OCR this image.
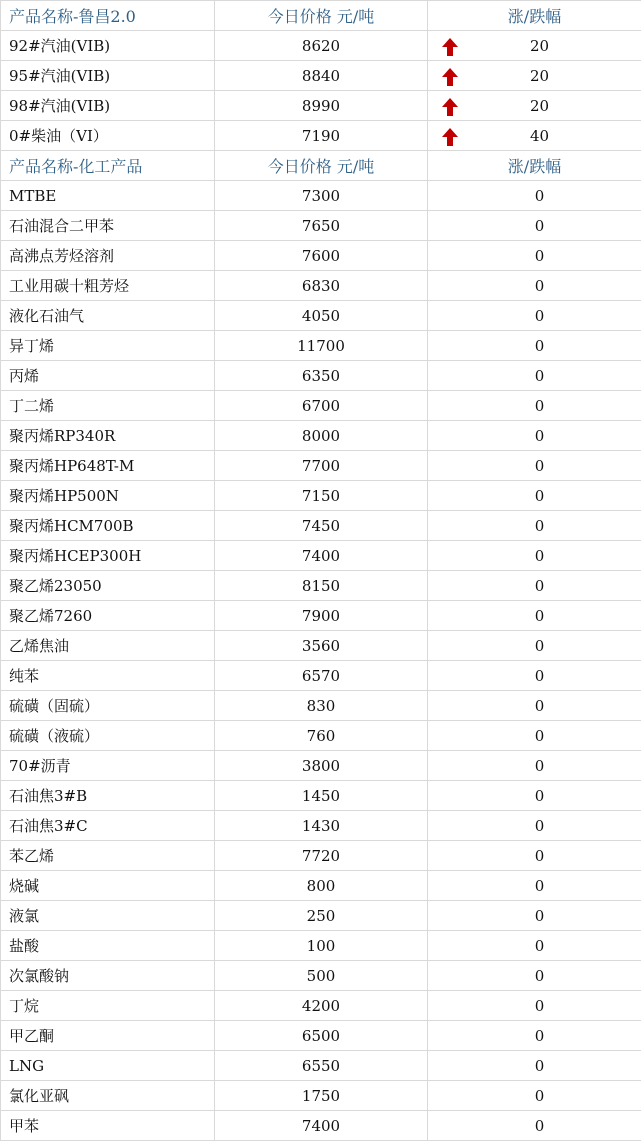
产品名称-鲁昌2.0	今日价格 元/吨	涨/跌幅
92#汽油(VIB)	8620	20
95#汽油(VIB)	8840	20
98#汽油(VIB)	8990	20
0#柴油（VI）	7190	40
产品名称-化工产品	今日价格 元/吨	涨/跌幅
MTBE	7300	0
石油混合二甲苯	7650	0
高沸点芳烃溶剂	7600	0
工业用碳十粗芳烃	6830	0
液化石油气	4050	0
异丁烯	11700	0
丙烯	6350	0
丁二烯	6700	0
聚丙烯RP340R	8000	0
聚丙烯HP648T-M	7700	0
聚丙烯HP500N	7150	0
聚丙烯HCM700B	7450	0
聚丙烯HCEP300H	7400	0
聚乙烯23050	8150	0
聚乙烯7260	7900	0
乙烯焦油	3560	0
纯苯	6570	0
硫磺（固硫）	830	0
硫磺（液硫）	760	0
70#沥青	3800	0
石油焦3#B	1450	0
石油焦3#C	1430	0
苯乙烯	7720	0
烧碱	800	0
液氯	250	0
盐酸	100	0
次氯酸钠	500	0
丁烷	4200	0
甲乙酮	6500	0
LNG	6550	0
氯化亚砜	1750	0
甲苯	7400	0
